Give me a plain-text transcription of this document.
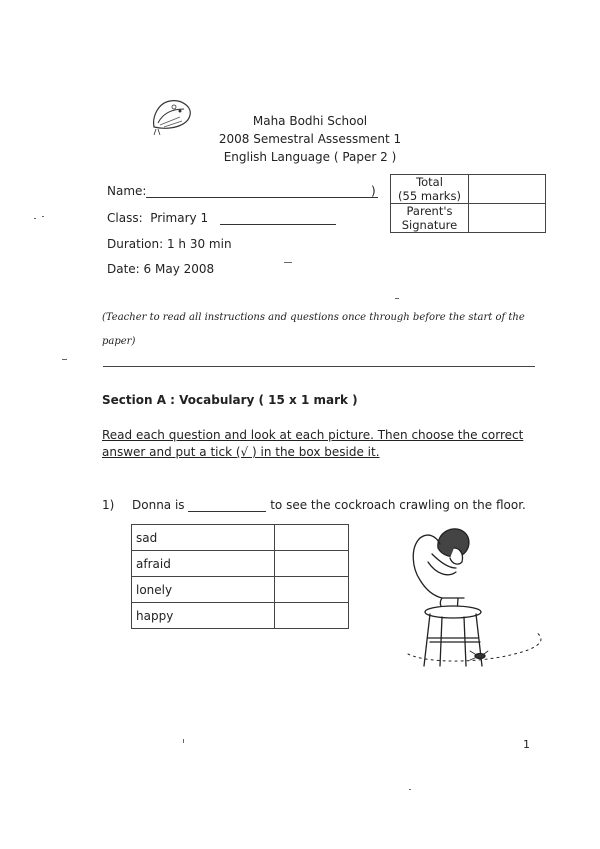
Maha Bodhi School
2008 Semestral Assessment 1
English Language ( Paper 2 )
Name:	)
Class: Primary 1
Duration: 1 h 30 min
Date: 6 May 2008
Total
(55 marks)	

Parent's
Signature	

(Teacher to read all instructions and questions once through before the start of the
paper)
Section A : Vocabulary ( 15 x 1 mark )
Read each question and look at each picture. Then choose the correct
answer and put a tick (√ ) in the box beside it.
1) Donna is	to see the cockroach crawling on the floor.
sad	
afraid	
lonely	
happy	
1
